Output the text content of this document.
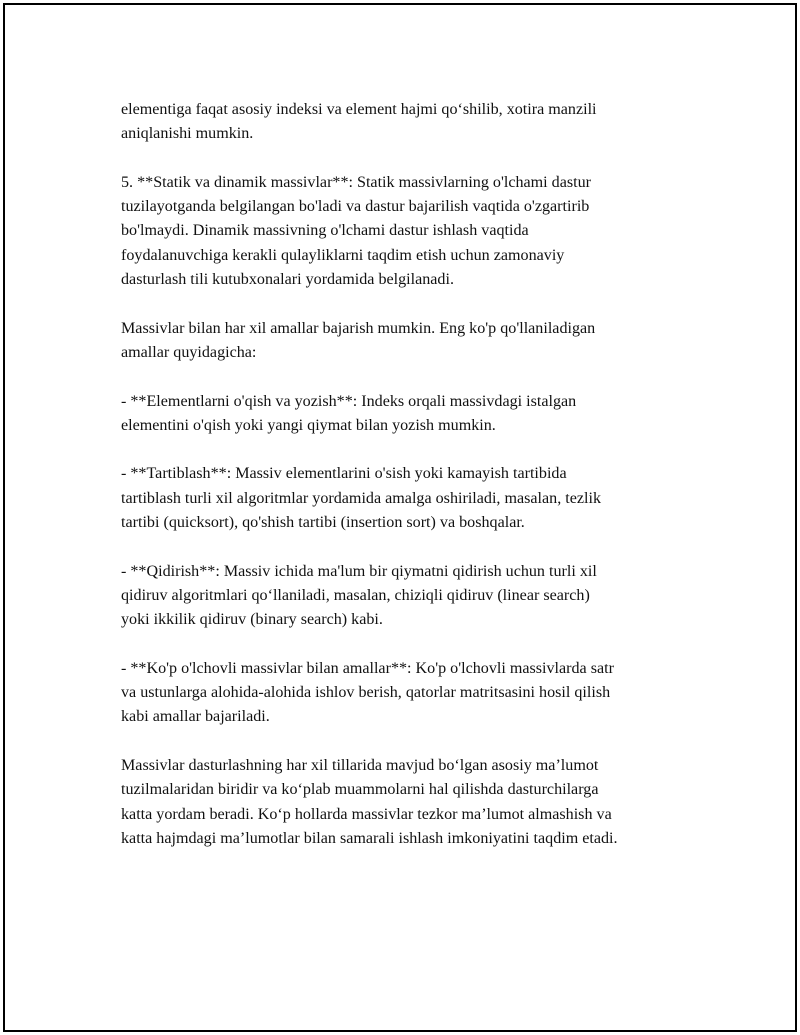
elementiga faqat asosiy indeksi va element hajmi qo‘shilib, xotira manzili
aniqlanishi mumkin.

5. **Statik va dinamik massivlar**: Statik massivlarning o'lchami dastur
tuzilayotganda belgilangan bo'ladi va dastur bajarilish vaqtida o'zgartirib
bo'lmaydi. Dinamik massivning o'lchami dastur ishlash vaqtida
foydalanuvchiga kerakli qulayliklarni taqdim etish uchun zamonaviy
dasturlash tili kutubxonalari yordamida belgilanadi.

Massivlar bilan har xil amallar bajarish mumkin. Eng ko'p qo'llaniladigan
amallar quyidagicha:

- **Elementlarni o'qish va yozish**: Indeks orqali massivdagi istalgan
elementini o'qish yoki yangi qiymat bilan yozish mumkin.

- **Tartiblash**: Massiv elementlarini o'sish yoki kamayish tartibida
tartiblash turli xil algoritmlar yordamida amalga oshiriladi, masalan, tezlik
tartibi (quicksort), qo'shish tartibi (insertion sort) va boshqalar.

- **Qidirish**: Massiv ichida ma'lum bir qiymatni qidirish uchun turli xil
qidiruv algoritmlari qo‘llaniladi, masalan, chiziqli qidiruv (linear search)
yoki ikkilik qidiruv (binary search) kabi.

- **Ko'p o'lchovli massivlar bilan amallar**: Ko'p o'lchovli massivlarda satr
va ustunlarga alohida-alohida ishlov berish, qatorlar matritsasini hosil qilish
kabi amallar bajariladi.

Massivlar dasturlashning har xil tillarida mavjud bo‘lgan asosiy ma’lumot
tuzilmalaridan biridir va ko‘plab muammolarni hal qilishda dasturchilarga
katta yordam beradi. Ko‘p hollarda massivlar tezkor ma’lumot almashish va
katta hajmdagi ma’lumotlar bilan samarali ishlash imkoniyatini taqdim etadi.
